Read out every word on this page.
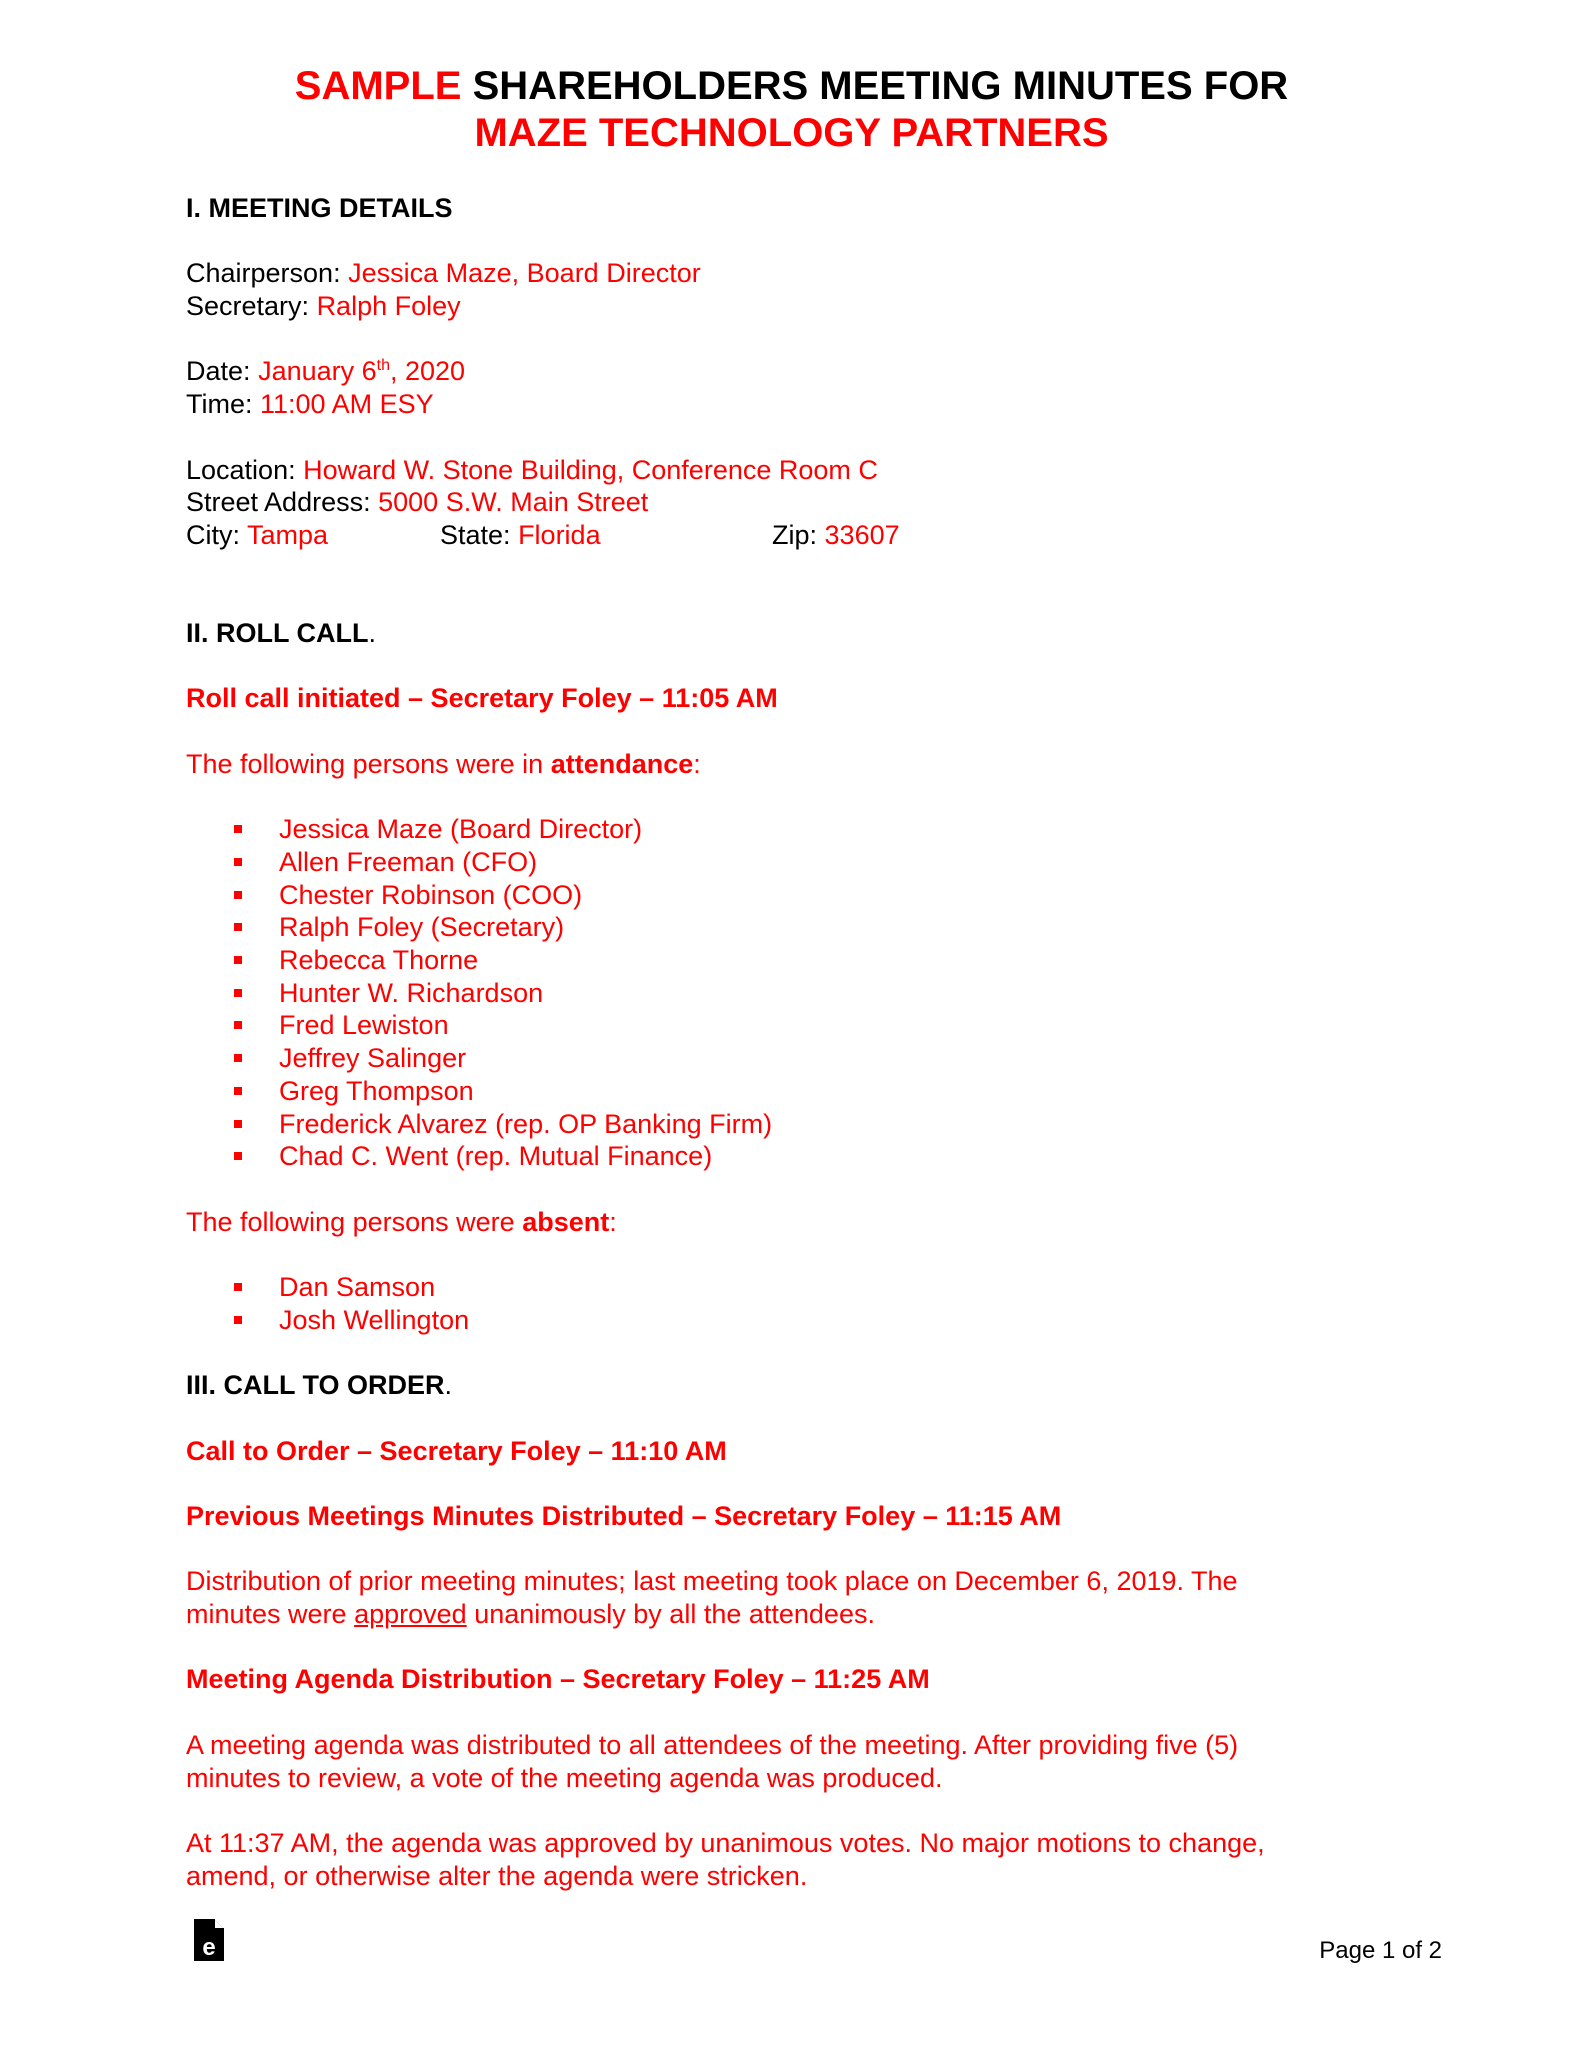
SAMPLE SHAREHOLDERS MEETING MINUTES FOR
MAZE TECHNOLOGY PARTNERS

I. MEETING DETAILS

Chairperson: Jessica Maze, Board Director

Secretary: Ralph Foley

Date: January 6th, 2020

Time: 11:00 AM ESY

Location: Howard W. Stone Building, Conference Room C

Street Address: 5000 S.W. Main Street

City: Tampa	State: Florida	Zip: 33607

II. ROLL CALL.

Roll call initiated – Secretary Foley – 11:05 AM

The following persons were in attendance:

Jessica Maze (Board Director)
Allen Freeman (CFO)
Chester Robinson (COO)
Ralph Foley (Secretary)
Rebecca Thorne
Hunter W. Richardson
Fred Lewiston
Jeffrey Salinger
Greg Thompson
Frederick Alvarez (rep. OP Banking Firm)
Chad C. Went (rep. Mutual Finance)

The following persons were absent:

Dan Samson
Josh Wellington

III. CALL TO ORDER.

Call to Order – Secretary Foley – 11:10 AM

Previous Meetings Minutes Distributed – Secretary Foley – 11:15 AM

Distribution of prior meeting minutes; last meeting took place on December 6, 2019. The

minutes were approved unanimously by all the attendees.

Meeting Agenda Distribution – Secretary Foley – 11:25 AM

A meeting agenda was distributed to all attendees of the meeting. After providing five (5)

minutes to review, a vote of the meeting agenda was produced.

At 11:37 AM, the agenda was approved by unanimous votes. No major motions to change,

amend, or otherwise alter the agenda were stricken.

e	Page 1 of 2
